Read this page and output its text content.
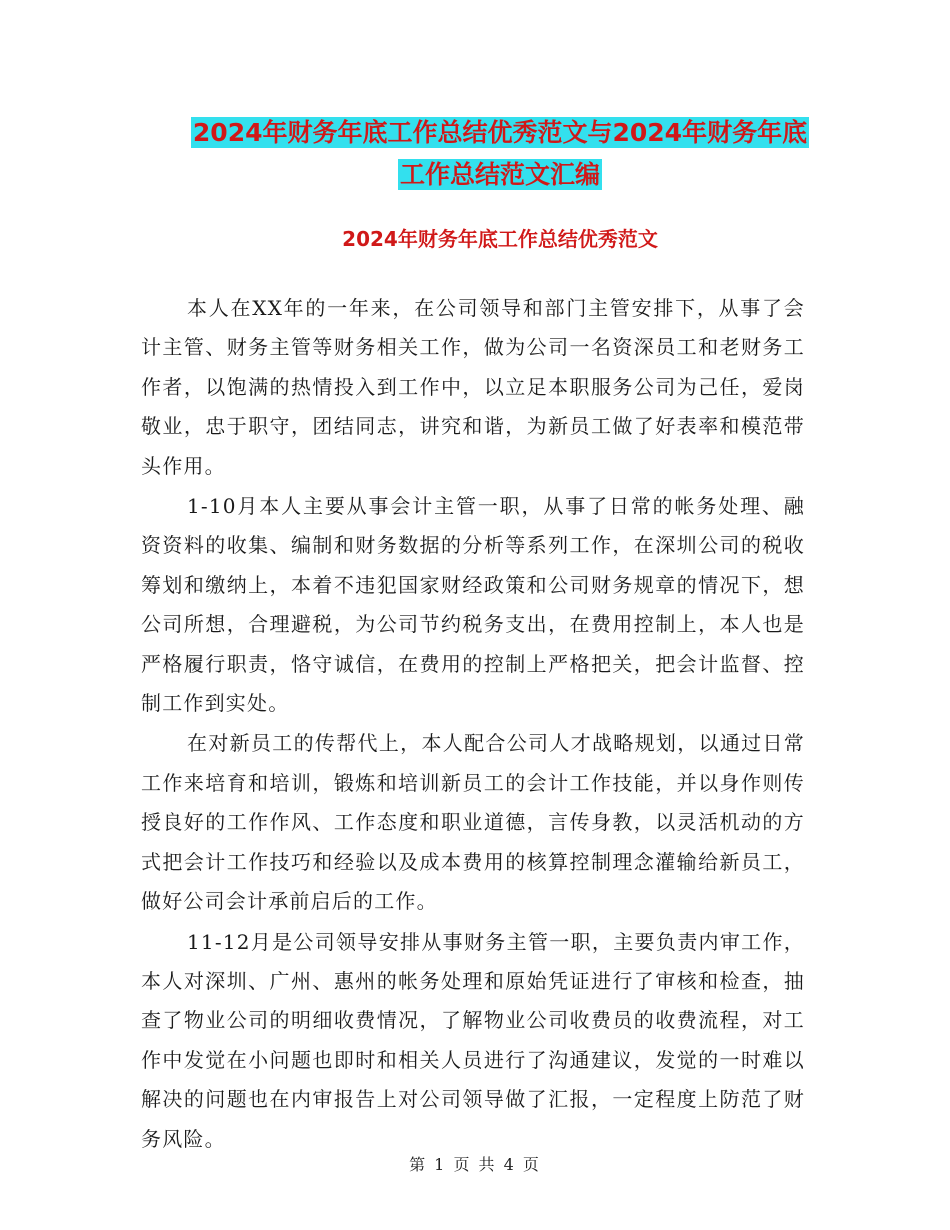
2024年财务年底工作总结优秀范文与2024年财务年底
工作总结范文汇编
2024年财务年底工作总结优秀范文

本人在XX年的一年来，在公司领导和部门主管安排下，从事了会计主管、财务主管等财务相关工作，做为公司一名资深员工和老财务工作者，以饱满的热情投入到工作中，以立足本职服务公司为己任，爱岗敬业，忠于职守，团结同志，讲究和谐，为新员工做了好表率和模范带头作用。

1-10月本人主要从事会计主管一职，从事了日常的帐务处理、融资资料的收集、编制和财务数据的分析等系列工作，在深圳公司的税收筹划和缴纳上，本着不违犯国家财经政策和公司财务规章的情况下，想公司所想，合理避税，为公司节约税务支出，在费用控制上，本人也是严格履行职责，恪守诚信，在费用的控制上严格把关，把会计监督、控制工作到实处。

在对新员工的传帮代上，本人配合公司人才战略规划，以通过日常工作来培育和培训，锻炼和培训新员工的会计工作技能，并以身作则传授良好的工作作风、工作态度和职业道德，言传身教，以灵活机动的方式把会计工作技巧和经验以及成本费用的核算控制理念灌输给新员工，做好公司会计承前启后的工作。

11-12月是公司领导安排从事财务主管一职，主要负责内审工作，本人对深圳、广州、惠州的帐务处理和原始凭证进行了审核和检查，抽查了物业公司的明细收费情况，了解物业公司收费员的收费流程，对工作中发觉在小问题也即时和相关人员进行了沟通建议，发觉的一时难以解决的问题也在内审报告上对公司领导做了汇报，一定程度上防范了财务风险。

第 1 页 共 4 页
